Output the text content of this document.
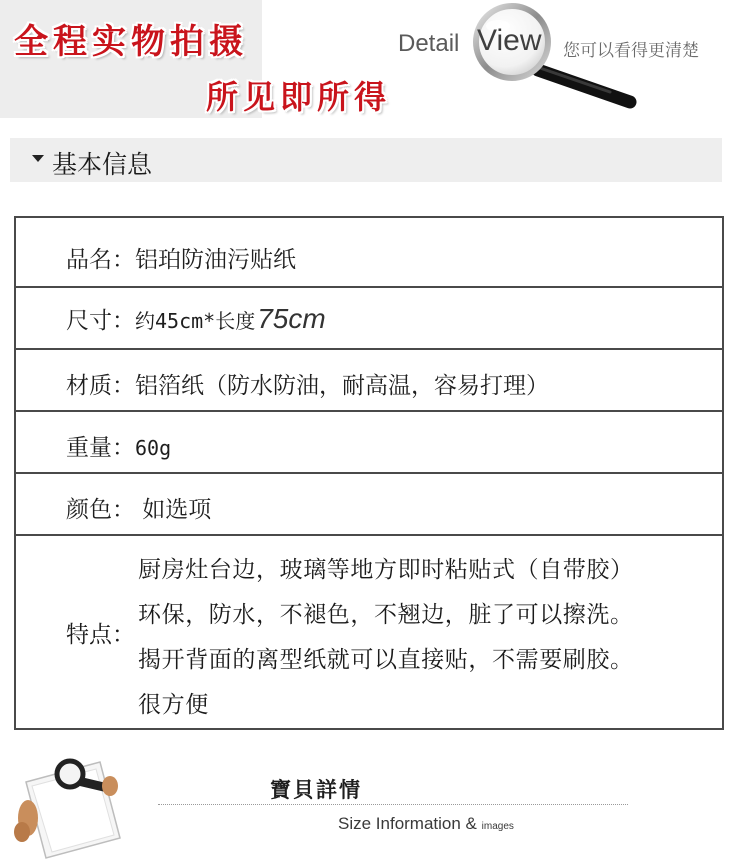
全程实物拍摄
所见即所得
Detail View 您可以看得更清楚
基本信息
品名：铝珀防油污贴纸
尺寸：约45cm*长度75cm
材质：铝箔纸（防水防油，耐高温，容易打理）
重量：60g
颜色： 如选项
特点：
厨房灶台边，玻璃等地方即时粘贴式（自带胶）
环保，防水，不褪色，不翘边，脏了可以擦洗。
揭开背面的离型纸就可以直接贴，不需要刷胶。
很方便
寶貝詳情
Size Information & images
